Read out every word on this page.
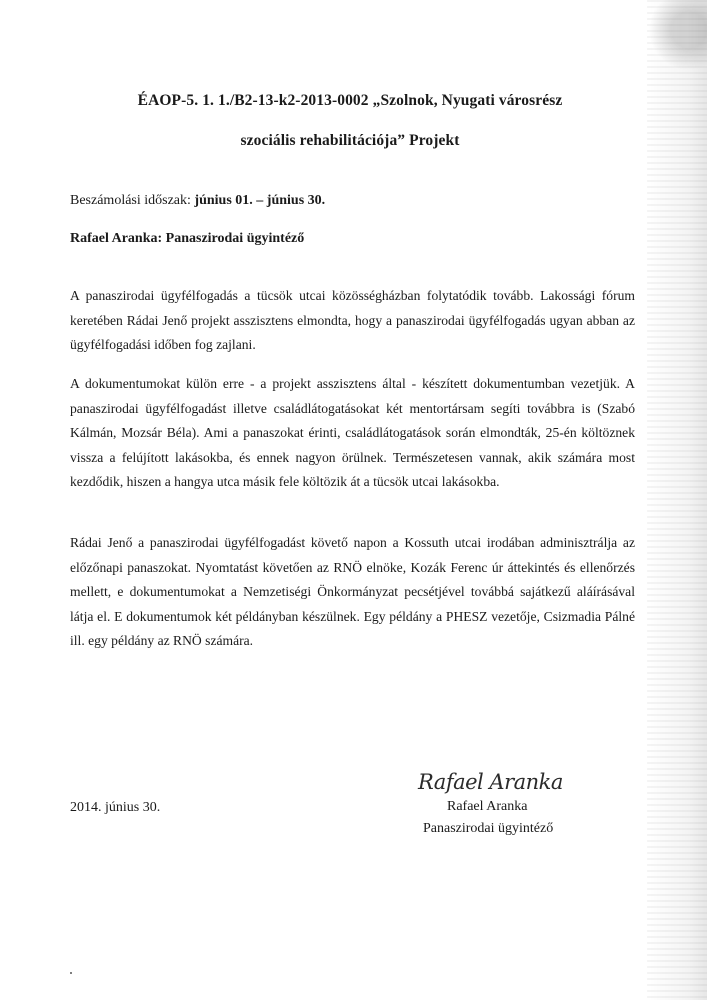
ÉAOP-5. 1. 1./B2-13-k2-2013-0002 „Szolnok, Nyugati városrész
szociális rehabilitációja” Projekt
Beszámolási időszak: június 01. – június 30.
Rafael Aranka: Panaszirodai ügyintéző

A panaszirodai ügyfélfogadás a tücsök utcai közösségházban folytatódik tovább. Lakossági fórum keretében Rádai Jenő projekt asszisztens elmondta, hogy a panaszirodai ügyfélfogadás ugyan abban az ügyfélfogadási időben fog zajlani.

A dokumentumokat külön erre - a projekt asszisztens által - készített dokumentumban vezetjük. A panaszirodai ügyfélfogadást illetve családlátogatásokat két mentortársam segíti továbbra is (Szabó Kálmán, Mozsár Béla). Ami a panaszokat érinti, családlátogatások során elmondták, 25-én költöznek vissza a felújított lakásokba, és ennek nagyon örülnek. Természetesen vannak, akik számára most kezdődik, hiszen a hangya utca másik fele költözik át a tücsök utcai lakásokba.

Rádai Jenő a panaszirodai ügyfélfogadást követő napon a Kossuth utcai irodában adminisztrálja az előzőnapi panaszokat. Nyomtatást követően az RNÖ elnöke, Kozák Ferenc úr áttekintés és ellenőrzés mellett, e dokumentumokat a Nemzetiségi Önkormányzat pecsétjével továbbá sajátkezű aláírásával látja el. E dokumentumok két példányban készülnek. Egy példány a PHESZ vezetője, Csizmadia Pálné ill. egy példány az RNÖ számára.

2014. június 30.
Rafael Aranka
Rafael Aranka
Panaszirodai ügyintéző
